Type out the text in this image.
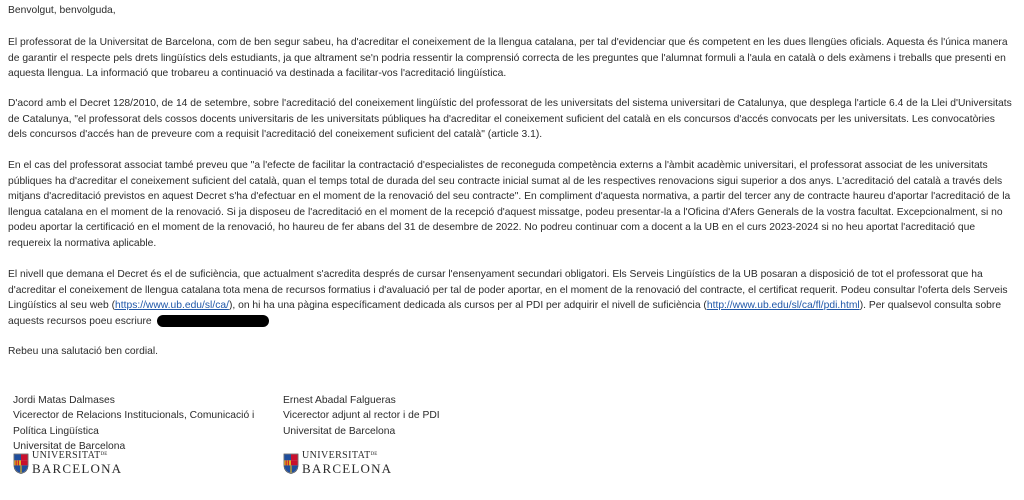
Benvolgut, benvolguda,

El professorat de la Universitat de Barcelona, com de ben segur sabeu, ha d'acreditar el coneixement de la llengua catalana, per tal d'evidenciar que és competent en les dues llengües oficials. Aquesta és l'única manera de garantir el respecte pels drets lingüístics dels estudiants, ja que altrament se'n podria ressentir la comprensió correcta de les preguntes que l'alumnat formuli a l'aula en català o dels exàmens i treballs que presenti en aquesta llengua. La informació que trobareu a continuació va destinada a facilitar-vos l'acreditació lingüística.

D'acord amb el Decret 128/2010, de 14 de setembre, sobre l'acreditació del coneixement lingüístic del professorat de les universitats del sistema universitari de Catalunya, que desplega l'article 6.4 de la Llei d'Universitats de Catalunya, "el professorat dels cossos docents universitaris de les universitats públiques ha d'acreditar el coneixement suficient del català en els concursos d'accés convocats per les universitats. Les convocatòries dels concursos d'accés han de preveure com a requisit l'acreditació del coneixement suficient del català" (article 3.1).

En el cas del professorat associat també preveu que "a l'efecte de facilitar la contractació d'especialistes de reconeguda competència externs a l'àmbit acadèmic universitari, el professorat associat de les universitats públiques ha d'acreditar el coneixement suficient del català, quan el temps total de durada del seu contracte inicial sumat al de les respectives renovacions sigui superior a dos anys. L'acreditació del català a través dels mitjans d'acreditació previstos en aquest Decret s'ha d'efectuar en el moment de la renovació del seu contracte". En compliment d'aquesta normativa, a partir del tercer any de contracte haureu d'aportar l'acreditació de la llengua catalana en el moment de la renovació. Si ja disposeu de l'acreditació en el moment de la recepció d'aquest missatge, podeu presentar-la a l'Oficina d'Afers Generals de la vostra facultat. Excepcionalment, si no podeu aportar la certificació en el moment de la renovació, ho haureu de fer abans del 31 de desembre de 2022. No podreu continuar com a docent a la UB en el curs 2023-2024 si no heu aportat l'acreditació que requereix la normativa aplicable.

El nivell que demana el Decret és el de suficiència, que actualment s'acredita després de cursar l'ensenyament secundari obligatori. Els Serveis Lingüístics de la UB posaran a disposició de tot el professorat que ha d'acreditar el coneixement de llengua catalana tota mena de recursos formatius i d'avaluació per tal de poder aportar, en el moment de la renovació del contracte, el certificat requerit. Podeu consultar l'oferta dels Serveis Lingüístics al seu web (https://www.ub.edu/sl/ca/), on hi ha una pàgina específicament dedicada als cursos per al PDI per adquirir el nivell de suficiència (http://www.ub.edu/sl/ca/fl/pdi.html). Per qualsevol consulta sobre aquests recursos poeu escriure

Rebeu una salutació ben cordial.

Jordi Matas Dalmases
Vicerector de Relacions Institucionals, Comunicació i
Política Lingüística
Universitat de Barcelona
Ernest Abadal Falgueras
Vicerector adjunt al rector i de PDI
Universitat de Barcelona
$UNIVERSITAT^{DE}$
BARCELONA
$UNIVERSITAT^{DE}$
BARCELONA
